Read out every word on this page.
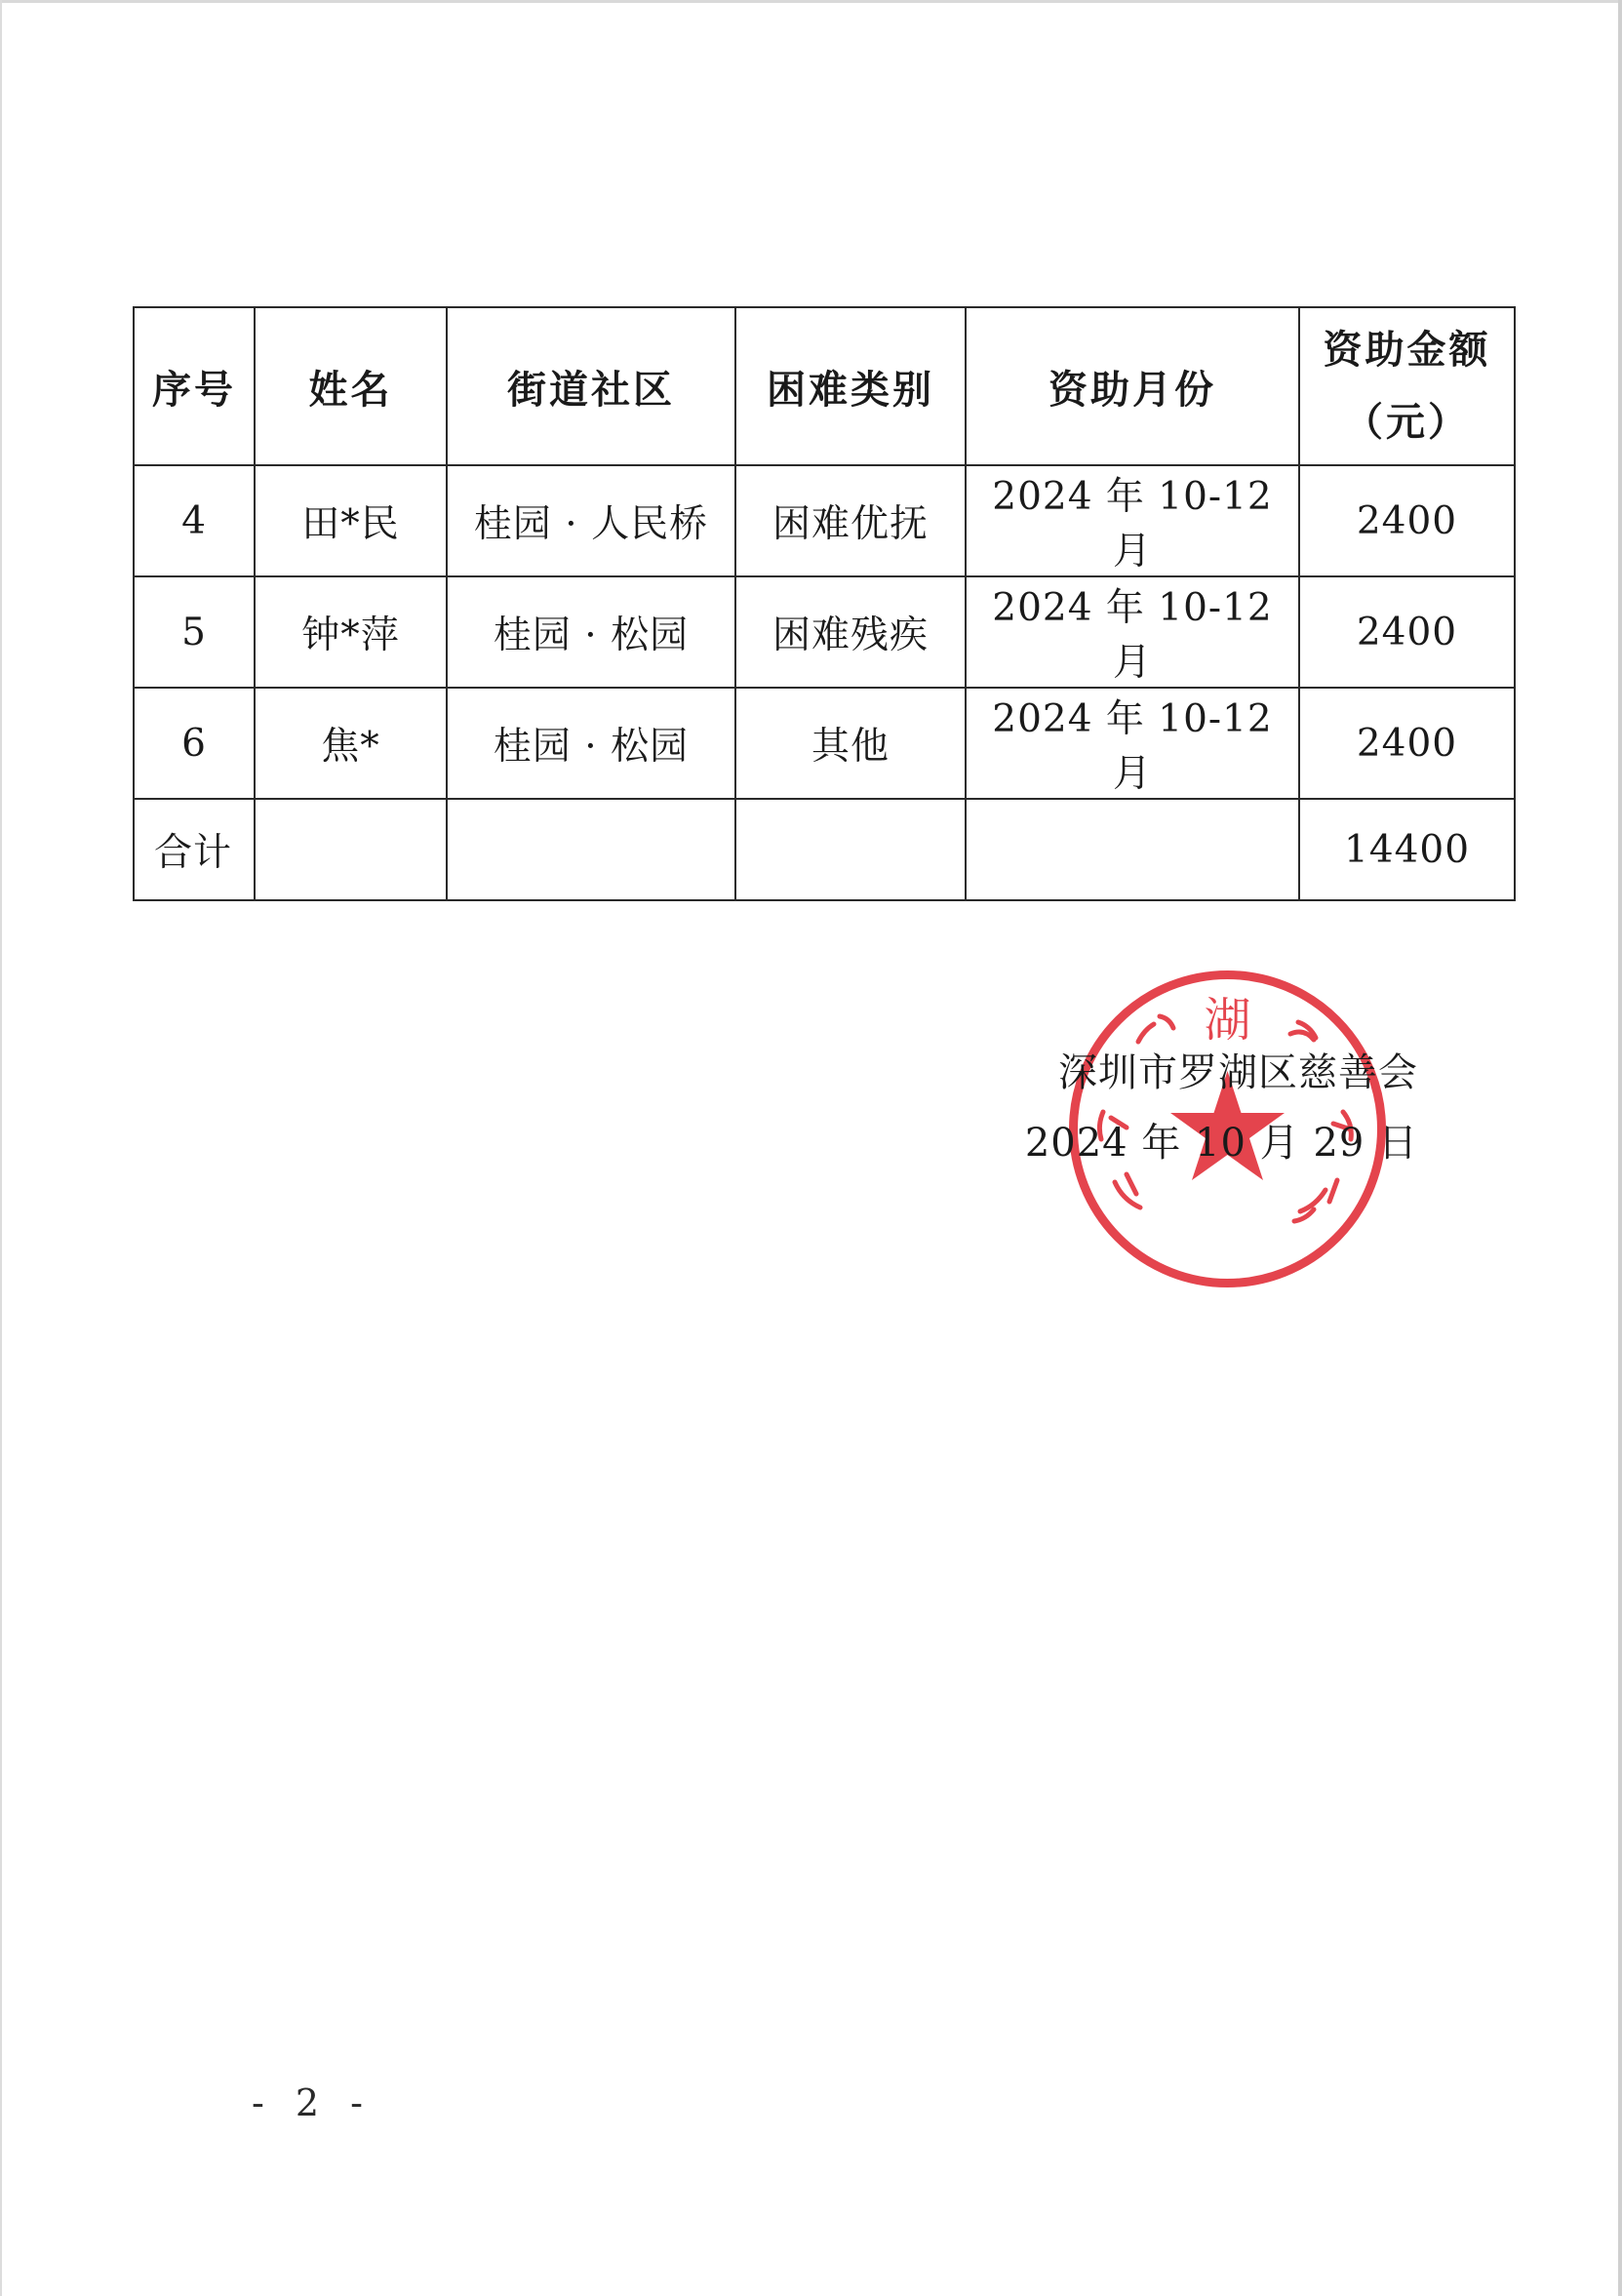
序号	姓名	街道社区	困难类别	资助月份	资助金额
（元）

4	田*民	桂园 · 人民桥	困难优抚	2024 年 10-12 月	2400
5	钟*萍	桂园 · 松园	困难残疾	2024 年 10-12 月	2400
6	焦*	桂园 · 松园	其他	2024 年 10-12 月	2400
合计					14400
湖
深圳市罗湖区慈善会
2024 年 10 月 29 日
- 2 -
